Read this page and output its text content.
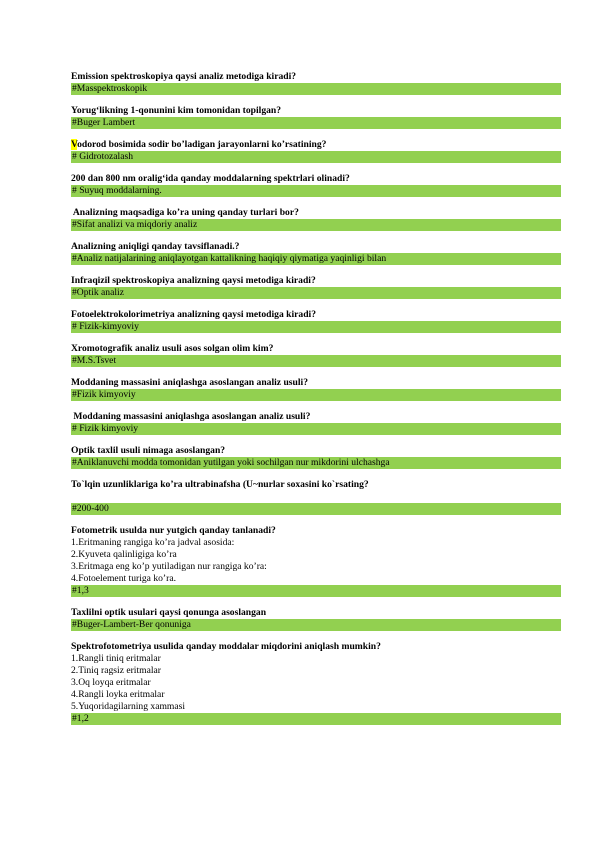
Emission spektroskopiya qaysi analiz metodiga kiradi?

#Masspektroskopik

Yorug‘likning 1-qonunini kim tomonidan topilgan?

#Buger Lambert

Vodorod bosimida sodir bo’ladigan jarayonlarni ko’rsatining?

# Gidrotozalash

200 dan 800 nm oralig‘ida qanday moddalarning spektrlari olinadi?

# Suyuq moddalarning.

Analizning maqsadiga ko’ra uning qanday turlari bor?

#Sifat analizi va miqdoriy analiz

Analizning aniqligi qanday tavsiflanadi.?

#Analiz natijalarining aniqlayotgan kattalikning haqiqiy qiymatiga yaqinligi bilan

Infraqizil spektroskopiya analizning qaysi metodiga kiradi?

#Optik analiz

Fotoelektrokolorimetriya analizning qaysi metodiga kiradi?

# Fizik-kimyoviy

Xromotografik analiz usuli asos solgan olim kim?

#M.S.Tsvet

Moddaning massasini aniqlashga asoslangan analiz usuli?

#Fizik kimyoviy

Moddaning massasini aniqlashga asoslangan analiz usuli?

# Fizik kimyoviy

Optik taxlil usuli nimaga asoslangan?

#Aniklanuvchi modda tomonidan yutilgan yoki sochilgan nur mikdorini ulchashga

To`lqin uzunliklariga ko’ra ultrabinafsha (U~nurlar soxasini ko`rsating?

#200-400

Fotometrik usulda nur yutgich qanday tanlanadi?

1.Eritmaning rangiga ko’ra jadval asosida:
2.Kyuveta qalinligiga ko’ra
3.Eritmaga eng ko’p yutiladigan nur rangiga ko’ra:
4.Fotoelement turiga ko’ra.
#1,3

Taxlilni optik usulari qaysi qonunga asoslangan

#Buger-Lambert-Ber qonuniga

Spektrofotometriya usulida qanday moddalar miqdorini aniqlash mumkin?

1.Rangli tiniq eritmalar
2.Tiniq ragsiz eritmalar
3.Oq loyqa eritmalar
4.Rangli loyka eritmalar
5.Yuqoridagilarning xammasi
#1,2
